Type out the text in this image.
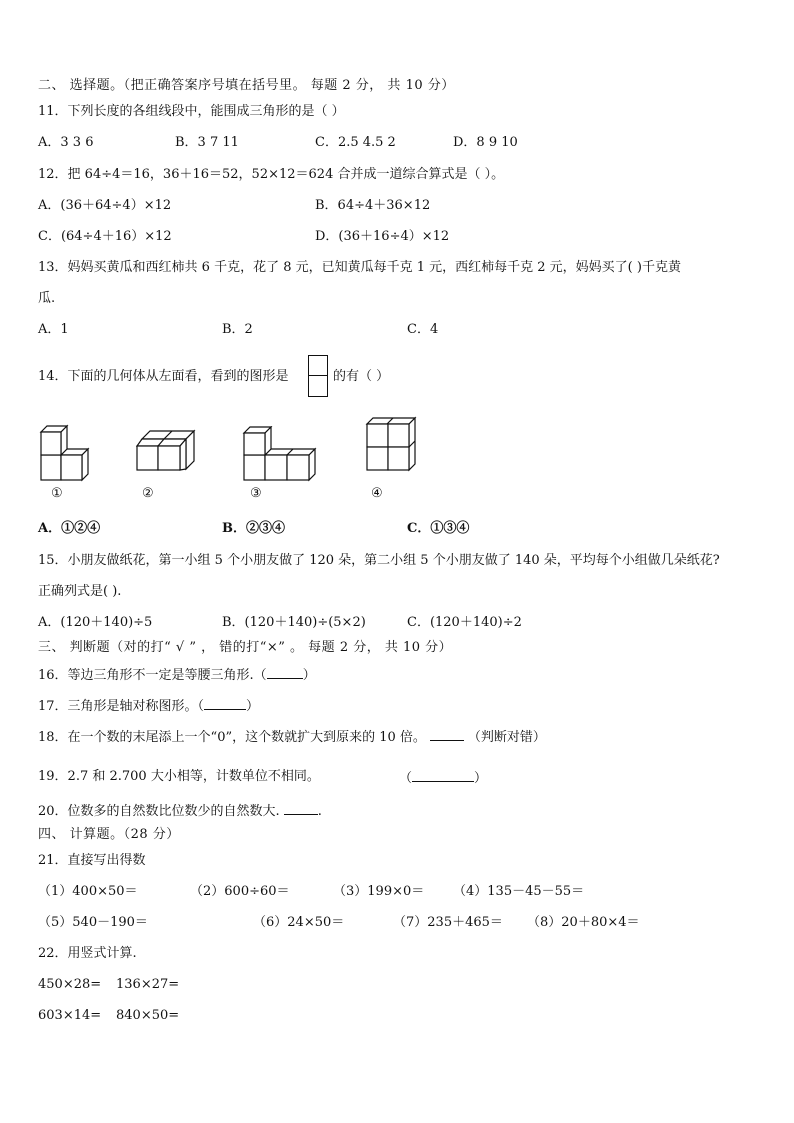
二、 选择题。（把正确答案序号填在括号里。 每题 2 分， 共 10 分）
11．下列长度的各组线段中，能围成三角形的是（ ）
A．3 3 6	B．3 7 11	C．2.5 4.5 2	D．8 9 10
12．把 64÷4＝16，36＋16＝52，52×12＝624 合并成一道综合算式是（ ）。
A．(36＋64÷4）×12	B．64÷4＋36×12
C．(64÷4＋16）×12	D．(36＋16÷4）×12
13．妈妈买黄瓜和西红柿共 6 千克，花了 8 元，已知黄瓜每千克 1 元，西红柿每千克 2 元，妈妈买了( )千克黄
瓜.
A．1	B．2	C．4
14．下面的几何体从左面看，看到的图形是	的有（ ）
①	②	③	④
A．①②④	B．②③④	C．①③④
15．小朋友做纸花，第一小组 5 个小朋友做了 120 朵，第二小组 5 个小朋友做了 140 朵，平均每个小组做几朵纸花?
正确列式是( ).
A．(120＋140)÷5	B．(120＋140)÷(5×2)	C．(120＋140)÷2
三、 判断题（对的打“ √ ” ， 错的打“×” 。 每题 2 分， 共 10 分）
16．等边三角形不一定是等腰三角形.（	）
17．三角形是轴对称图形。（	）
18．在一个数的末尾添上一个“0”，这个数就扩大到原来的 10 倍。	（判断对错）
19．2.7 和 2.700 大小相等，计数单位不相同。	（	）
20．位数多的自然数比位数少的自然数大.	.
四、 计算题。（28 分）
21．直接写出得数
（1）400×50＝	（2）600÷60＝	（3）199×0＝ （4）135－45－55＝
（5）540－190＝	（6）24×50＝	（7）235＋465＝ （8）20＋80×4＝
22．用竖式计算.
450×28= 136×27=
603×14= 840×50=
